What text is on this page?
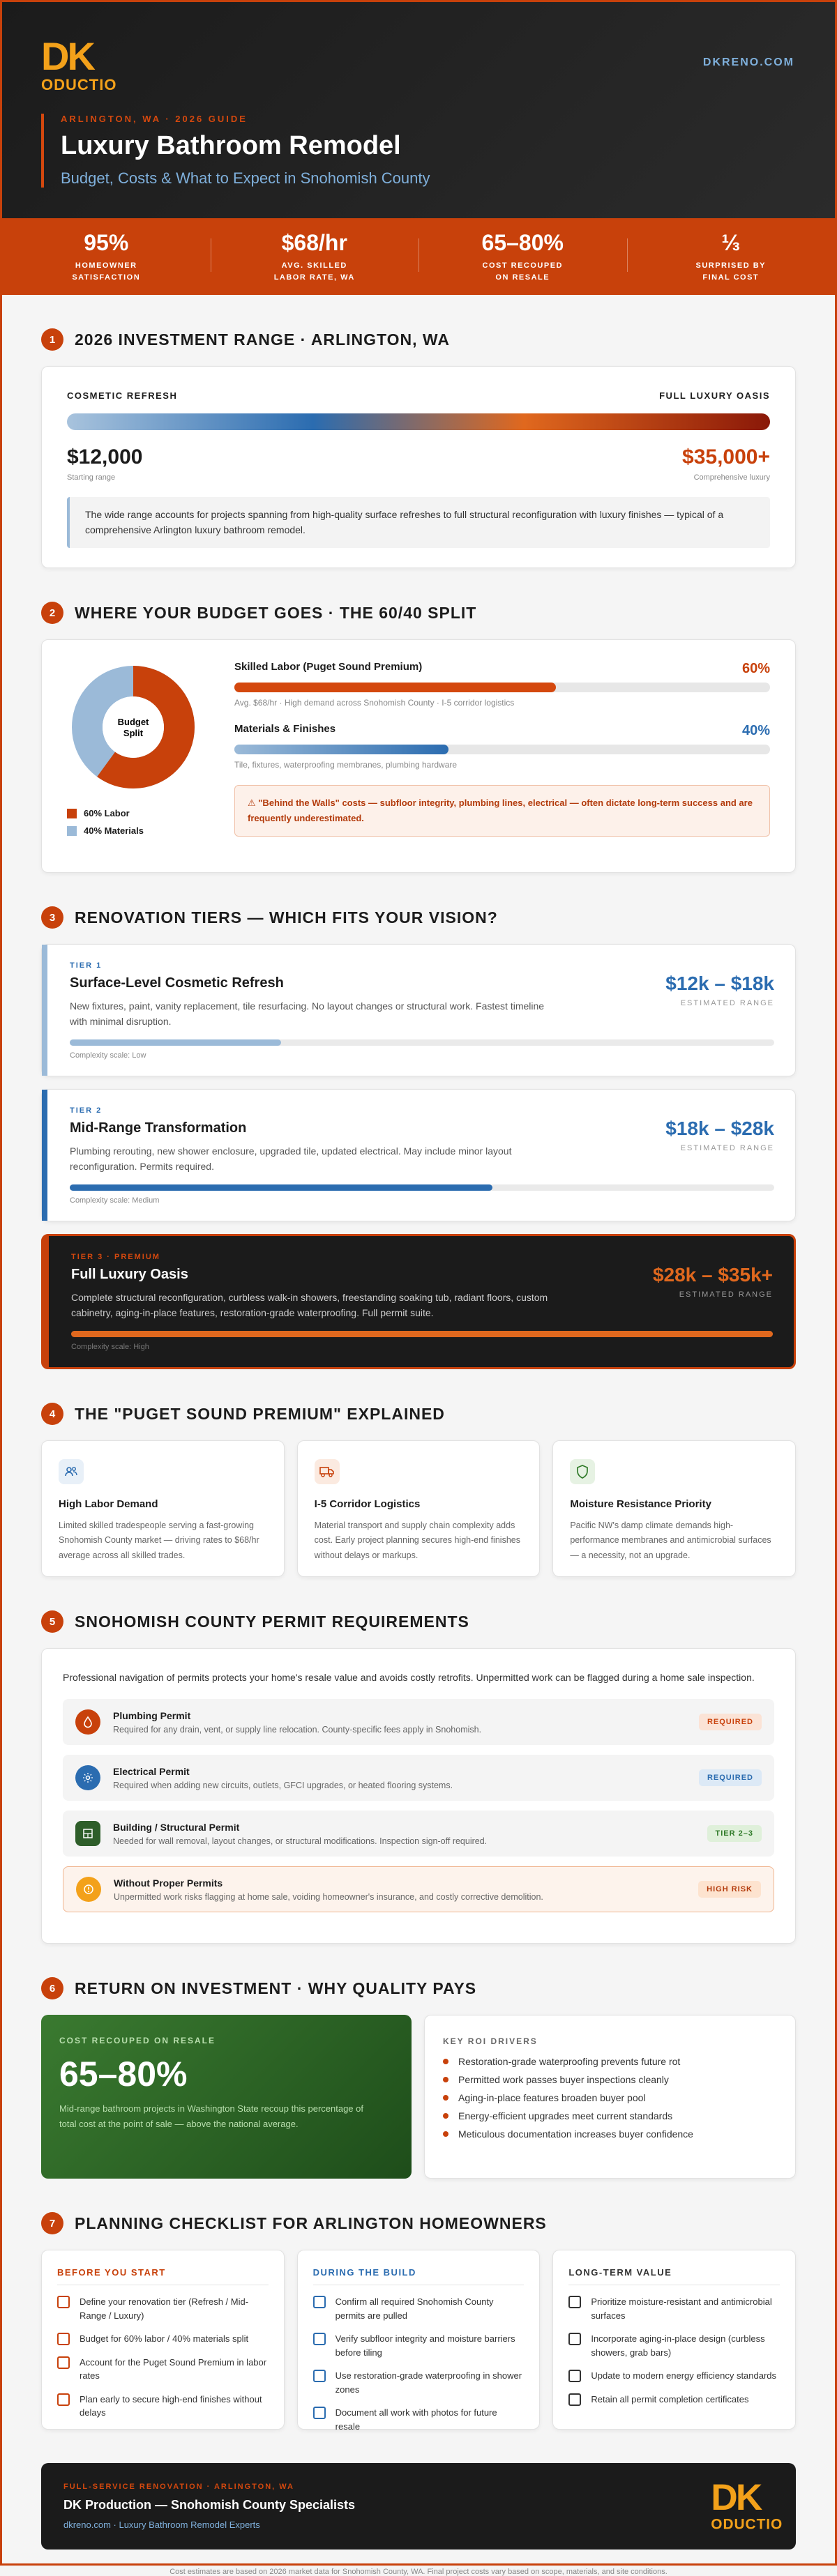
DK
ODUCTIO
DKRENO.COM
ARLINGTON, WA · 2026 GUIDE
Luxury Bathroom Remodel
Budget, Costs & What to Expect in Snohomish County
95%
HOMEOWNER
SATISFACTION
$68/hr
AVG. SKILLED
LABOR RATE, WA
65–80%
COST RECOUPED
ON RESALE
⅓
SURPRISED BY
FINAL COST
1	2026 INVESTMENT RANGE · ARLINGTON, WA
COSMETIC REFRESH	FULL LUXURY OASIS
$12,000
Starting range
$35,000+
Comprehensive luxury
The wide range accounts for projects spanning from high-quality surface refreshes to full structural reconfiguration with luxury finishes — typical of a comprehensive Arlington luxury bathroom remodel.
2	WHERE YOUR BUDGET GOES · THE 60/40 SPLIT
Budget
Split
60% Labor
40% Materials
Skilled Labor (Puget Sound Premium)	60%
Avg. $68/hr · High demand across Snohomish County · I-5 corridor logistics
Materials & Finishes	40%
Tile, fixtures, waterproofing membranes, plumbing hardware
⚠ "Behind the Walls" costs — subfloor integrity, plumbing lines, electrical — often dictate long-term success and are frequently underestimated.
3	RENOVATION TIERS — WHICH FITS YOUR VISION?
TIER 1
Surface-Level Cosmetic Refresh
New fixtures, paint, vanity replacement, tile resurfacing. No layout changes or structural work. Fastest timeline with minimal disruption.
$12k – $18k
ESTIMATED RANGE
Complexity scale: Low
TIER 2
Mid-Range Transformation
Plumbing rerouting, new shower enclosure, upgraded tile, updated electrical. May include minor layout reconfiguration. Permits required.
$18k – $28k
ESTIMATED RANGE
Complexity scale: Medium
TIER 3 · PREMIUM
Full Luxury Oasis
Complete structural reconfiguration, curbless walk-in showers, freestanding soaking tub, radiant floors, custom cabinetry, aging-in-place features, restoration-grade waterproofing. Full permit suite.
$28k – $35k+
ESTIMATED RANGE
Complexity scale: High
4	THE "PUGET SOUND PREMIUM" EXPLAINED
High Labor Demand
Limited skilled tradespeople serving a fast-growing Snohomish County market — driving rates to $68/hr average across all skilled trades.
I-5 Corridor Logistics
Material transport and supply chain complexity adds cost. Early project planning secures high-end finishes without delays or markups.
Moisture Resistance Priority
Pacific NW's damp climate demands high-performance membranes and antimicrobial surfaces — a necessity, not an upgrade.
5	SNOHOMISH COUNTY PERMIT REQUIREMENTS
Professional navigation of permits protects your home's resale value and avoids costly retrofits. Unpermitted work can be flagged during a home sale inspection.
Plumbing Permit
Required for any drain, vent, or supply line relocation. County-specific fees apply in Snohomish.
REQUIRED
Electrical Permit
Required when adding new circuits, outlets, GFCI upgrades, or heated flooring systems.
REQUIRED
Building / Structural Permit
Needed for wall removal, layout changes, or structural modifications. Inspection sign-off required.
TIER 2–3
Without Proper Permits
Unpermitted work risks flagging at home sale, voiding homeowner's insurance, and costly corrective demolition.
HIGH RISK
6	RETURN ON INVESTMENT · WHY QUALITY PAYS
COST RECOUPED ON RESALE
65–80%
Mid-range bathroom projects in Washington State recoup this percentage of total cost at the point of sale — above the national average.
KEY ROI DRIVERS
Restoration-grade waterproofing prevents future rot
Permitted work passes buyer inspections cleanly
Aging-in-place features broaden buyer pool
Energy-efficient upgrades meet current standards
Meticulous documentation increases buyer confidence
7	PLANNING CHECKLIST FOR ARLINGTON HOMEOWNERS
BEFORE YOU START
Define your renovation tier (Refresh / Mid-Range / Luxury)
Budget for 60% labor / 40% materials split
Account for the Puget Sound Premium in labor rates
Plan early to secure high-end finishes without delays
DURING THE BUILD
Confirm all required Snohomish County permits are pulled
Verify subfloor integrity and moisture barriers before tiling
Use restoration-grade waterproofing in shower zones
Document all work with photos for future resale
LONG-TERM VALUE
Prioritize moisture-resistant and antimicrobial surfaces
Incorporate aging-in-place design (curbless showers, grab bars)
Update to modern energy efficiency standards
Retain all permit completion certificates
FULL-SERVICE RENOVATION · ARLINGTON, WA
DK Production — Snohomish County Specialists
dkreno.com · Luxury Bathroom Remodel Experts
DK
ODUCTIO
Cost estimates are based on 2026 market data for Snohomish County, WA. Final project costs vary based on scope, materials, and site conditions.
